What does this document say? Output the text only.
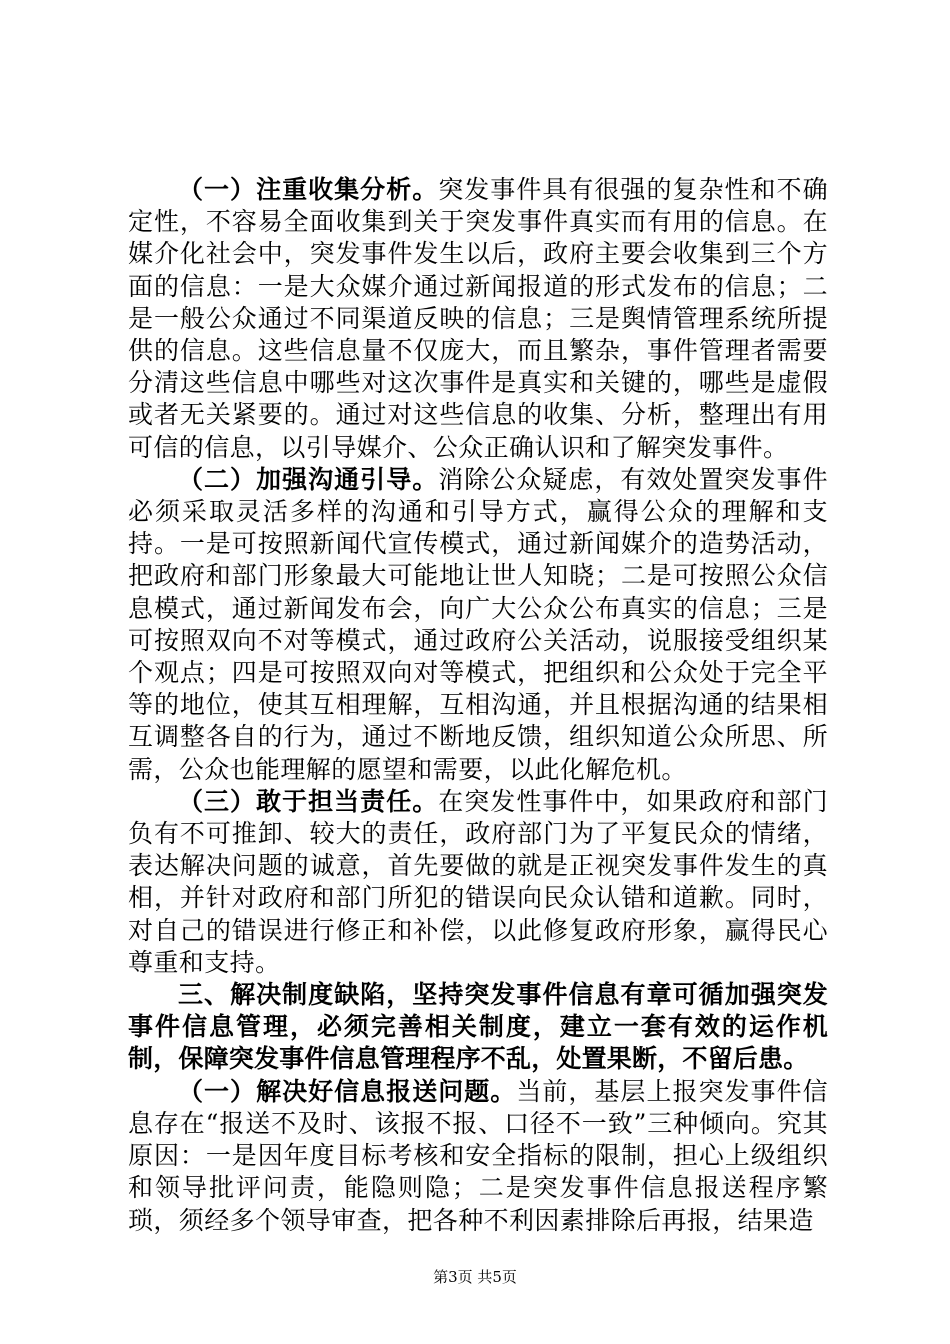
（一）注重收集分析。突发事件具有很强的复杂性和不确定性，不容易全面收集到关于突发事件真实而有用的信息。在媒介化社会中，突发事件发生以后，政府主要会收集到三个方面的信息：一是大众媒介通过新闻报道的形式发布的信息；二是一般公众通过不同渠道反映的信息；三是舆情管理系统所提供的信息。这些信息量不仅庞大，而且繁杂，事件管理者需要分清这些信息中哪些对这次事件是真实和关键的，哪些是虚假或者无关紧要的。通过对这些信息的收集、分析，整理出有用可信的信息，以引导媒介、公众正确认识和了解突发事件。

（二）加强沟通引导。消除公众疑虑，有效处置突发事件必须采取灵活多样的沟通和引导方式，赢得公众的理解和支持。一是可按照新闻代宣传模式，通过新闻媒介的造势活动，把政府和部门形象最大可能地让世人知晓；二是可按照公众信息模式，通过新闻发布会，向广大公众公布真实的信息；三是可按照双向不对等模式，通过政府公关活动，说服接受组织某个观点；四是可按照双向对等模式，把组织和公众处于完全平等的地位，使其互相理解，互相沟通，并且根据沟通的结果相互调整各自的行为，通过不断地反馈，组织知道公众所思、所需，公众也能理解的愿望和需要，以此化解危机。

（三）敢于担当责任。在突发性事件中，如果政府和部门负有不可推卸、较大的责任，政府部门为了平复民众的情绪，表达解决问题的诚意，首先要做的就是正视突发事件发生的真相，并针对政府和部门所犯的错误向民众认错和道歉。同时，对自己的错误进行修正和补偿，以此修复政府形象，赢得民心尊重和支持。

三、解决制度缺陷，坚持突发事件信息有章可循加强突发事件信息管理，必须完善相关制度，建立一套有效的运作机制，保障突发事件信息管理程序不乱，处置果断，不留后患。

（一）解决好信息报送问题。当前，基层上报突发事件信息存在“报送不及时、该报不报、口径不一致”三种倾向。究其原因：一是因年度目标考核和安全指标的限制，担心上级组织和领导批评问责，能隐则隐；二是突发事件信息报送程序繁琐，须经多个领导审查，把各种不利因素排除后再报，结果造

第3页 共5页
